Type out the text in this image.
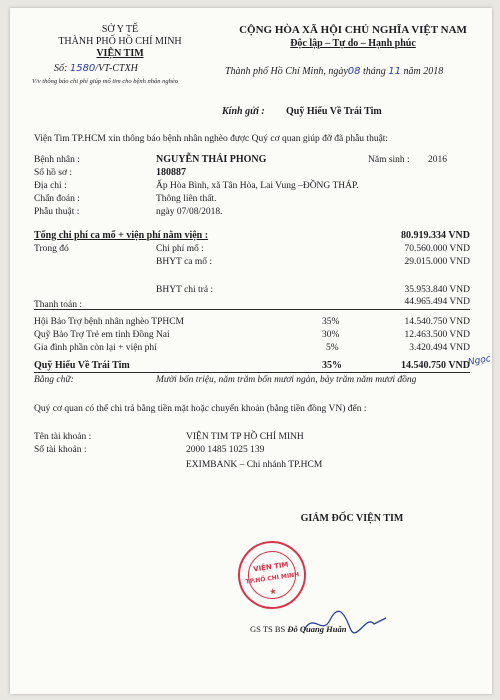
SỞ Y TẾ
THÀNH PHỐ HỒ CHÍ MINH
VIỆN TIM
Số: 1580/VT-CTXH
V/v thông báo chi phí giúp mổ tim cho bệnh nhân nghèo
CỘNG HÒA XÃ HỘI CHỦ NGHĨA VIỆT NAM
Độc lập – Tự do – Hạnh phúc
Thành phố Hồ Chí Minh, ngày08 tháng 11 năm 2018
Kính gửi : Quỹ Hiểu Về Trái Tim
Viện Tim TP.HCM xin thông báo bệnh nhân nghèo được Quý cơ quan giúp đỡ đã phẫu thuật:
Bệnh nhân :	NGUYỄN THÁI PHONG	Năm sinh : 2016
Số hồ sơ :	180887
Địa chỉ :	Ấp Hòa Bình, xã Tân Hòa, Lai Vung –ĐỒNG THÁP.
Chẩn đoán :	Thông liên thất.
Phẫu thuật :	ngày 07/08/2018.
Tổng chi phí ca mổ + viện phí nằm viện :	80.919.334 VND
Trong đó	Chi phí mổ :	70.560.000 VND
BHYT ca mổ :	29.015.000 VND
BHYT chi trả :	35.953.840 VND
Thanh toán :	44.965.494 VND
Hội Bảo Trợ bệnh nhân nghèo TPHCM	35%	14.540.750 VND
Quỹ Bảo Trợ Trẻ em tỉnh Đồng Nai	30%	12.463.500 VND
Gia đình phần còn lại + viện phí	5%	3.420.494 VND
Quỹ Hiểu Về Trái Tim	35%	14.540.750 VND
Ngọc
Bằng chữ:	Mười bốn triệu, năm trăm bốn mươi ngàn, bảy trăm năm mươi đồng
Quý cơ quan có thể chi trả bằng tiền mặt hoặc chuyển khoản (bằng tiền đồng VN) đến :
Tên tài khoản :	VIỆN TIM TP HỒ CHÍ MINH
Số tài khoản :	2000 1485 1025 139
EXIMBANK – Chi nhánh TP.HCM
GIÁM ĐỐC VIỆN TIM
VIỆN TIM
TP.HỒ CHÍ MINH
★
GS TS BS Đỗ Quang Huân
